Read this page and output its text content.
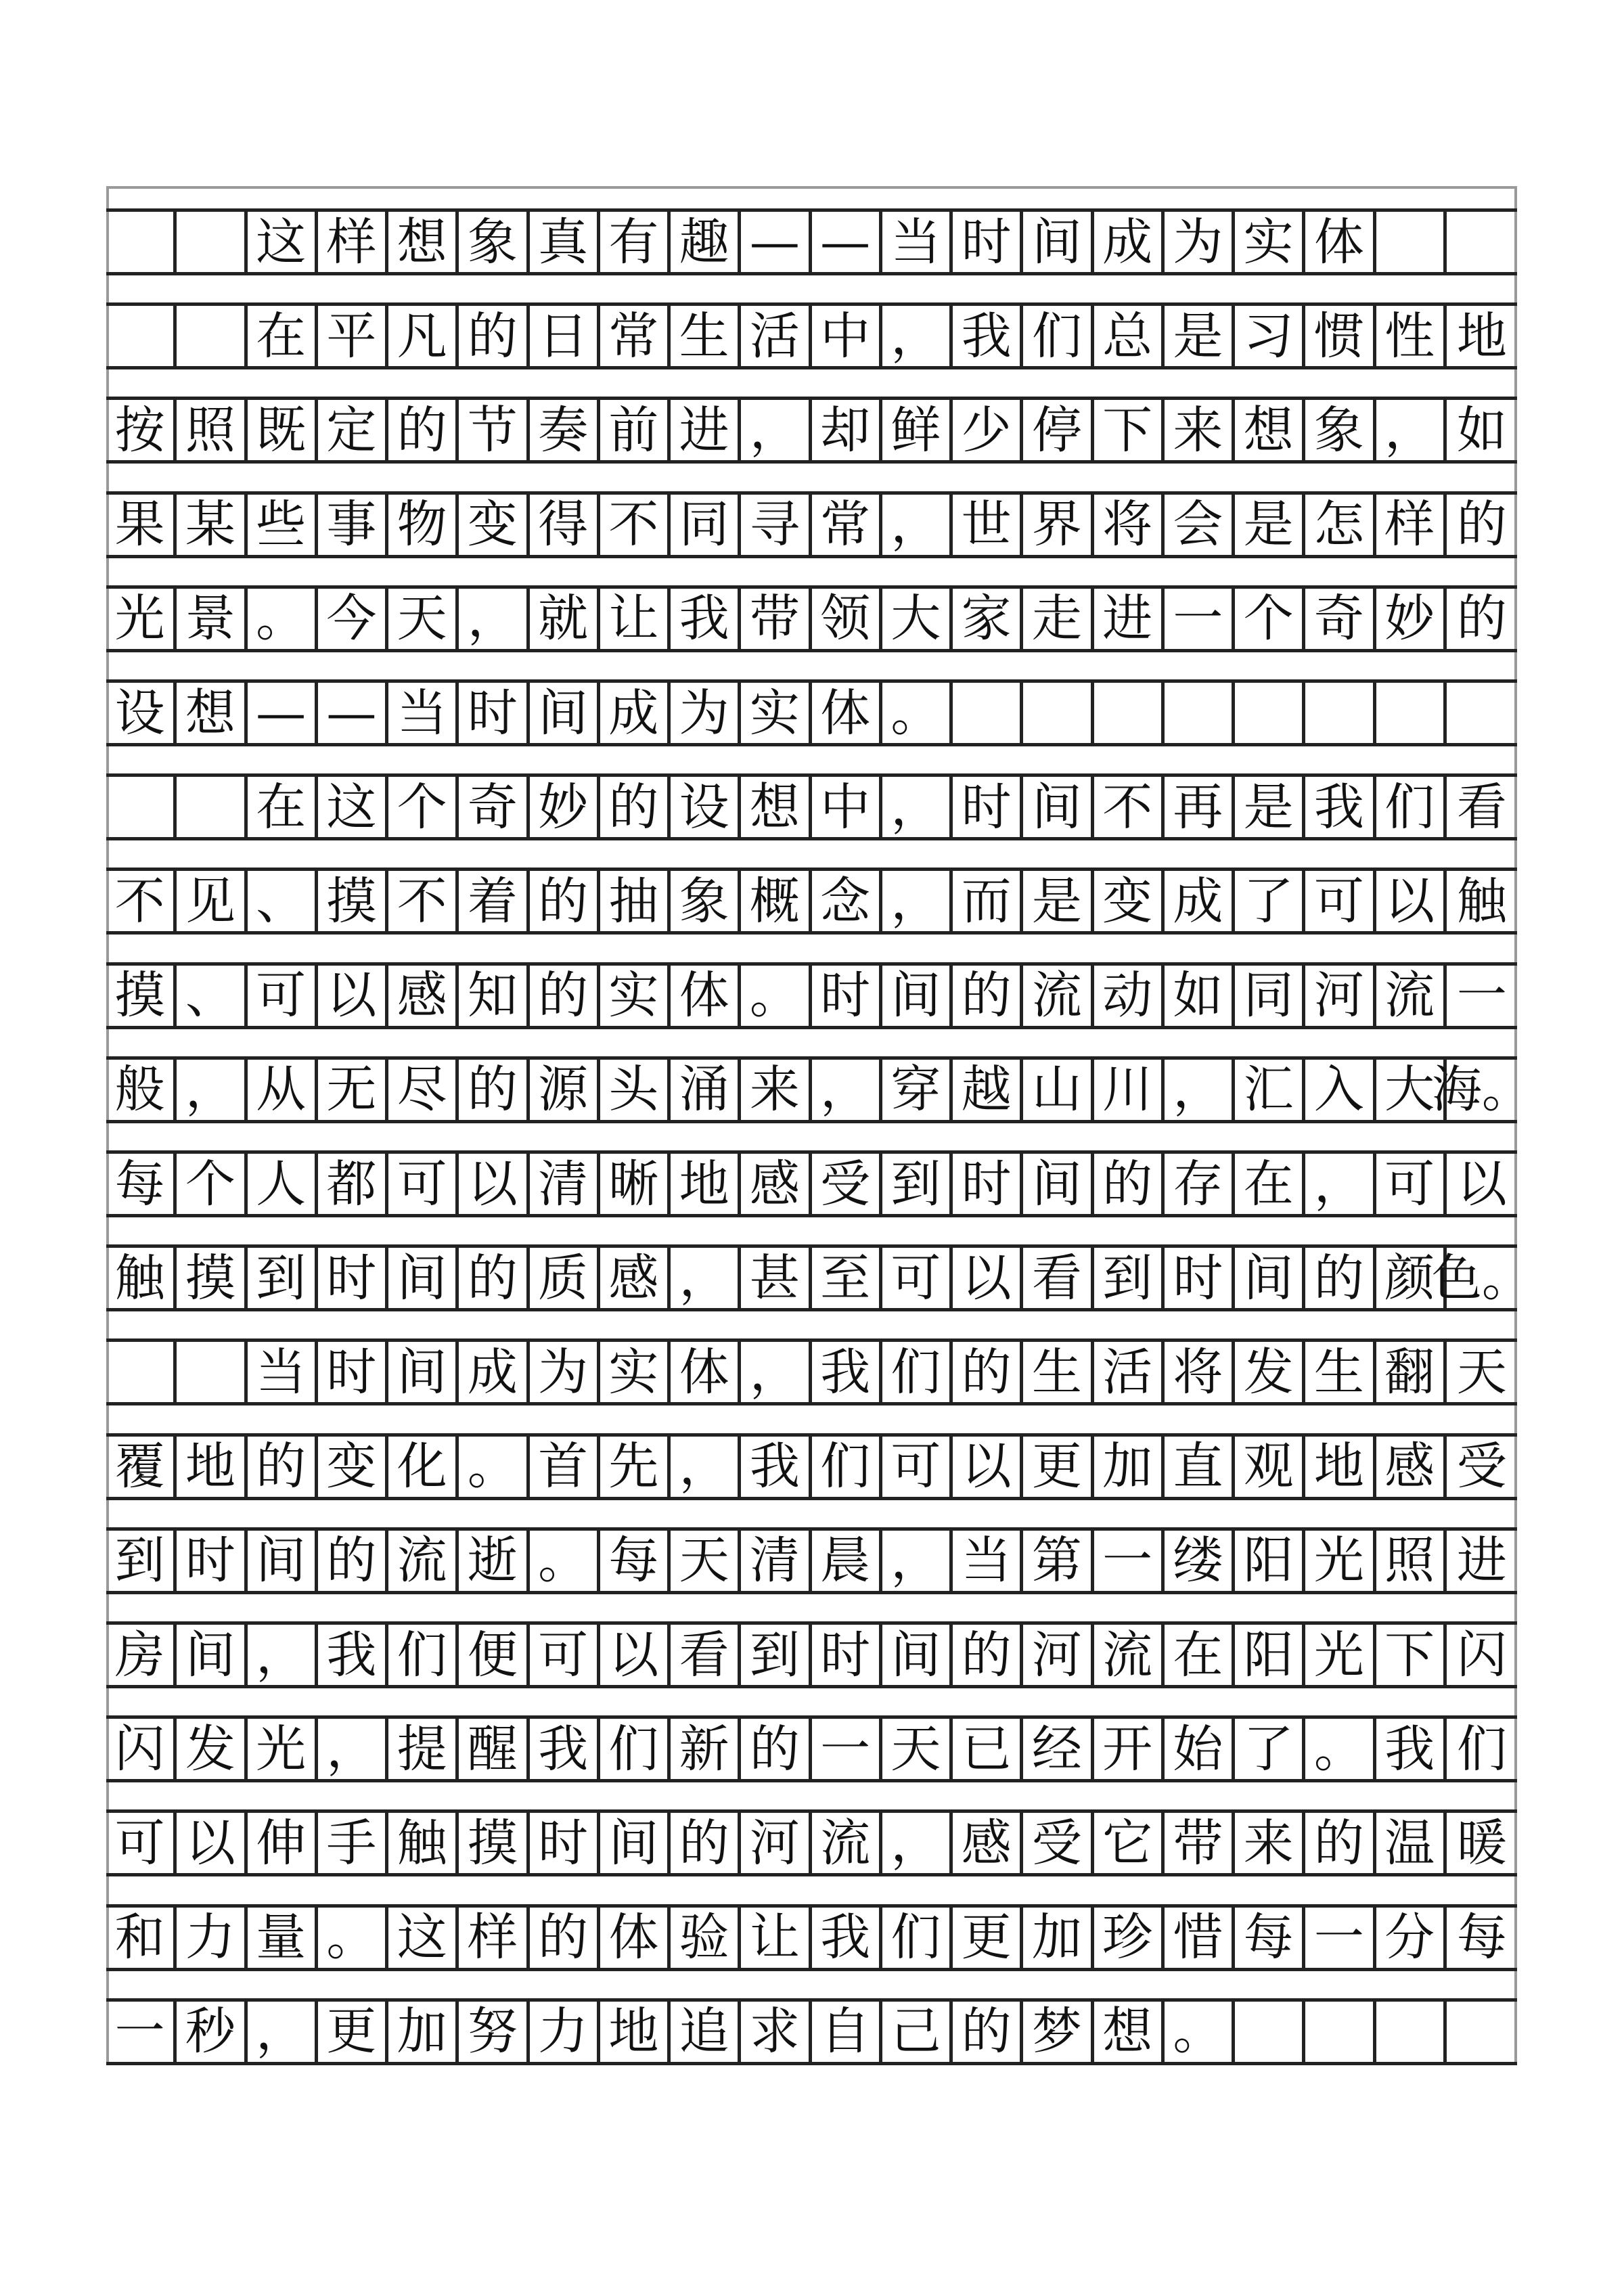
这 样 想 象 真 有 趣 — — 当 时 间 成 为 实 体
在 平 凡 的 日 常 生 活 中 ， 我 们 总 是 习 惯 性 地
按 照 既 定 的 节 奏 前 进 ， 却 鲜 少 停 下 来 想 象 ， 如
果 某 些 事 物 变 得 不 同 寻 常 ， 世 界 将 会 是 怎 样 的
光 景 。 今 天 ， 就 让 我 带 领 大 家 走 进 一 个 奇 妙 的
设 想 — — 当 时 间 成 为 实 体 。
在 这 个 奇 妙 的 设 想 中 ， 时 间 不 再 是 我 们 看
不 见 、 摸 不 着 的 抽 象 概 念 ， 而 是 变 成 了 可 以 触
摸 、 可 以 感 知 的 实 体 。 时 间 的 流 动 如 同 河 流 一
般 ， 从 无 尽 的 源 头 涌 来 ， 穿 越 山 川 ， 汇 入 大
海。
每 个 人 都 可 以 清 晰 地 感 受 到 时 间 的 存 在 ， 可 以
触 摸 到 时 间 的 质 感 ， 甚 至 可 以 看 到 时 间 的 颜
色。
当 时 间 成 为 实 体 ， 我 们 的 生 活 将 发 生 翻 天
覆 地 的 变 化 。 首 先 ， 我 们 可 以 更 加 直 观 地 感 受
到 时 间 的 流 逝 。 每 天 清 晨 ， 当 第 一 缕 阳 光 照 进
房 间 ， 我 们 便 可 以 看 到 时 间 的 河 流 在 阳 光 下 闪
闪 发 光 ， 提 醒 我 们 新 的 一 天 已 经 开 始 了 。 我 们
可 以 伸 手 触 摸 时 间 的 河 流 ， 感 受 它 带 来 的 温 暖
和 力 量 。 这 样 的 体 验 让 我 们 更 加 珍 惜 每 一 分 每
一 秒 ， 更 加 努 力 地 追 求 自 己 的 梦 想 。
